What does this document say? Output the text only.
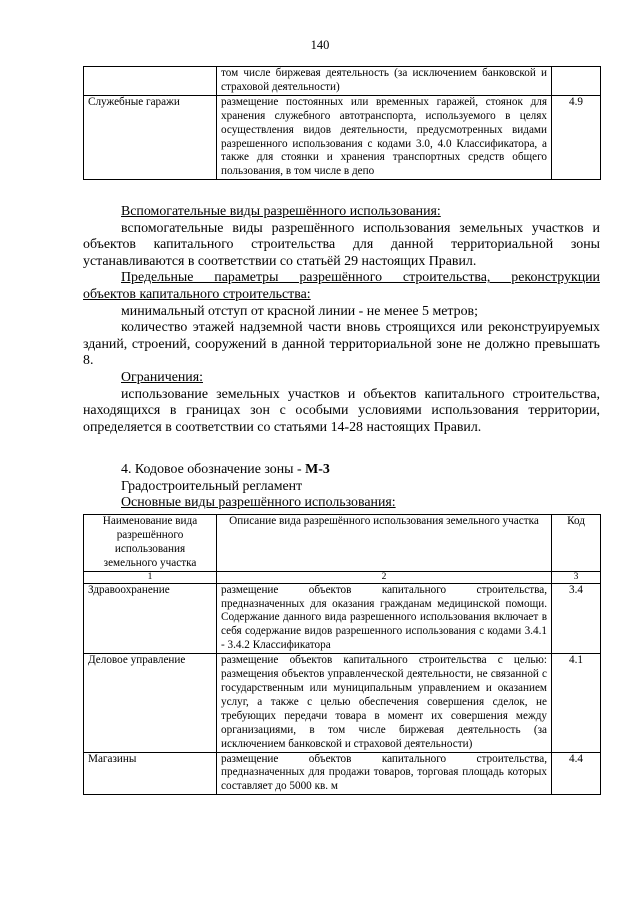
140
	том числе биржевая деятельность (за исключением банковской и страховой деятельности)	
Служебные гаражи	размещение постоянных или временных гаражей, стоянок для хранения служебного автотранспорта, используемого в целях осуществления видов деятельности, предусмотренных видами разрешенного использования с кодами 3.0, 4.0 Классификатора, а также для стоянки и хранения транспортных средств общего пользования, в том числе в депо	4.9

Вспомогательные виды разрешённого использования:

вспомогательные виды разрешённого использования земельных участков и объектов капитального строительства для данной территориальной зоны устанавливаются в соответствии со статьёй 29 настоящих Правил.

Предельные параметры разрешённого строительства, реконструкции

объектов капитального строительства:

минимальный отступ от красной линии - не менее 5 метров;

количество этажей надземной части вновь строящихся или реконструируемых зданий, строений, сооружений в данной территориальной зоне не должно превышать 8.

Ограничения:

использование земельных участков и объектов капитального строительства, находящихся в границах зон с особыми условиями использования территории, определяется в соответствии со статьями 14-28 настоящих Правил.

4. Кодовое обозначение зоны - М-3

Градостроительный регламент

Основные виды разрешённого использования:

Наименование вида разрешённого использования земельного участка	Описание вида разрешённого использования земельного участка	Код
1	2	3
Здравоохранение	размещение объектов капитального строительства, предназначенных для оказания гражданам медицинской помощи. Содержание данного вида разрешенного использования включает в себя содержание видов разрешенного использования с кодами 3.4.1 - 3.4.2 Классификатора	3.4
Деловое управление	размещение объектов капитального строительства с целью: размещения объектов управленческой деятельности, не связанной с государственным или муниципальным управлением и оказанием услуг, а также с целью обеспечения совершения сделок, не требующих передачи товара в момент их совершения между организациями, в том числе биржевая деятельность (за исключением банковской и страховой деятельности)	4.1
Магазины	размещение объектов капитального строительства, предназначенных для продажи товаров, торговая площадь которых составляет до 5000 кв. м	4.4
